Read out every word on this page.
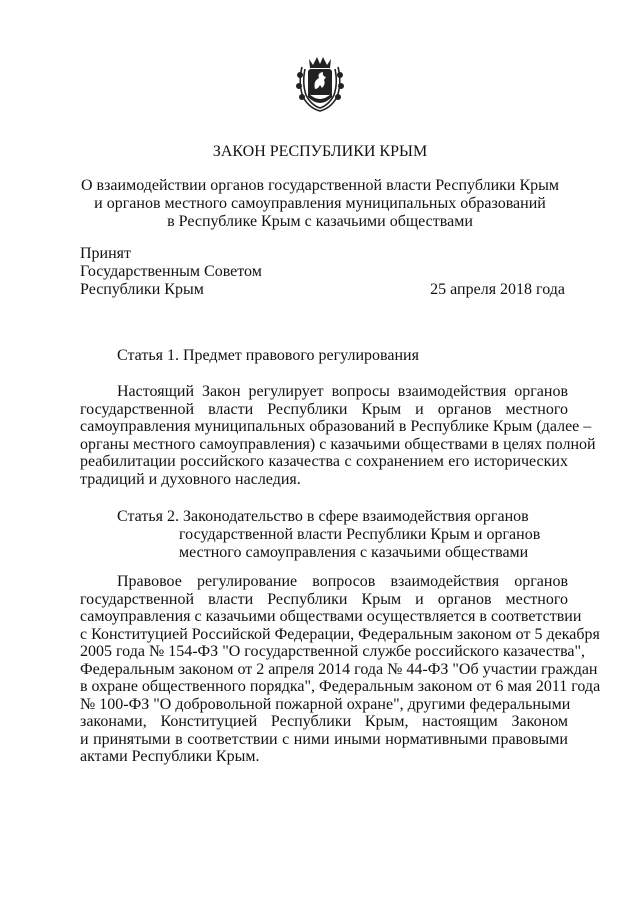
ЗАКОН РЕСПУБЛИКИ КРЫМ
О взаимодействии органов государственной власти Республики Крым
и органов местного самоуправления муниципальных образований
в Республике Крым с казачьими обществами
Принят
Государственным Советом
Республики Крым	25 апреля 2018 года
Статья 1. Предмет правового регулирования
Настоящий Закон регулирует вопросы взаимодействия органов
государственной власти Республики Крым и органов местного
самоуправления муниципальных образований в Республике Крым (далее –
органы местного самоуправления) с казачьими обществами в целях полной
реабилитации российского казачества с сохранением его исторических
традиций и духовного наследия.
Статья 2. Законодательство в сфере взаимодействия органов
государственной власти Республики Крым и органов
местного самоуправления с казачьими обществами
Правовое регулирование вопросов взаимодействия органов
государственной власти Республики Крым и органов местного
самоуправления с казачьими обществами осуществляется в соответствии
с Конституцией Российской Федерации, Федеральным законом от 5 декабря
2005 года № 154-ФЗ "О государственной службе российского казачества",
Федеральным законом от 2 апреля 2014 года № 44-ФЗ "Об участии граждан
в охране общественного порядка", Федеральным законом от 6 мая 2011 года
№ 100-ФЗ "О добровольной пожарной охране", другими федеральными
законами, Конституцией Республики Крым, настоящим Законом
и принятыми в соответствии с ними иными нормативными правовыми
актами Республики Крым.
